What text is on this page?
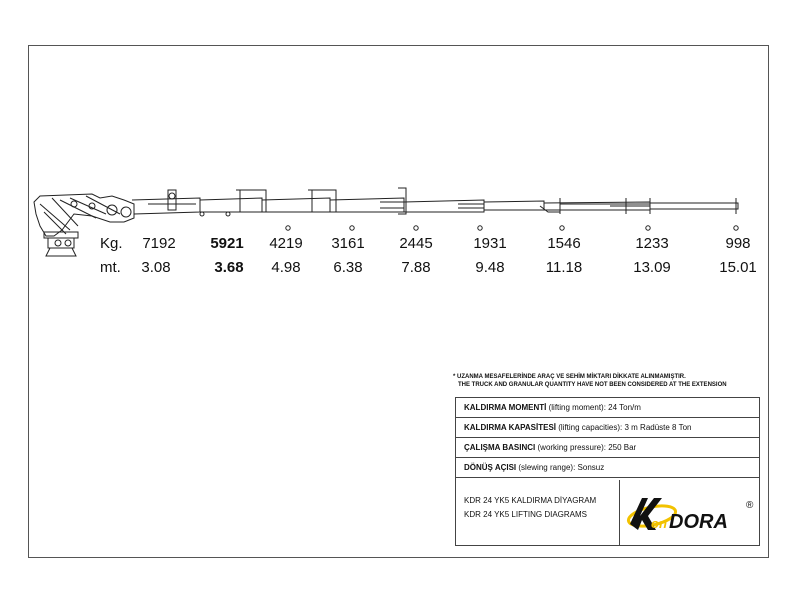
Kg. 7192 5921 4219 3161 2445	1931	1546	1233	998
mt. 3.08	3.68 4.98 6.38	7.88	9.48	11.18	13.09	15.01
* UZANMA MESAFELERİNDE ARAÇ VE SEHİM MİKTARI DİKKATE ALINMAMIŞTIR.
THE TRUCK AND GRANULAR QUANTITY HAVE NOT BEEN CONSIDERED AT THE EXTENSION
KALDIRMA MOMENTİ (lifting moment): 24 Ton/m
KALDIRMA KAPASİTESİ (lifting capacities): 3 m Radüste 8 Ton
ÇALIŞMA BASINCI (working pressure): 250 Bar
DÖNÜŞ AÇISI (slewing range): Sonsuz
KDR 24 YK5 KALDIRMA DİYAGRAM
KDR 24 YK5 LIFTING DIAGRAMS
on DORA
®
